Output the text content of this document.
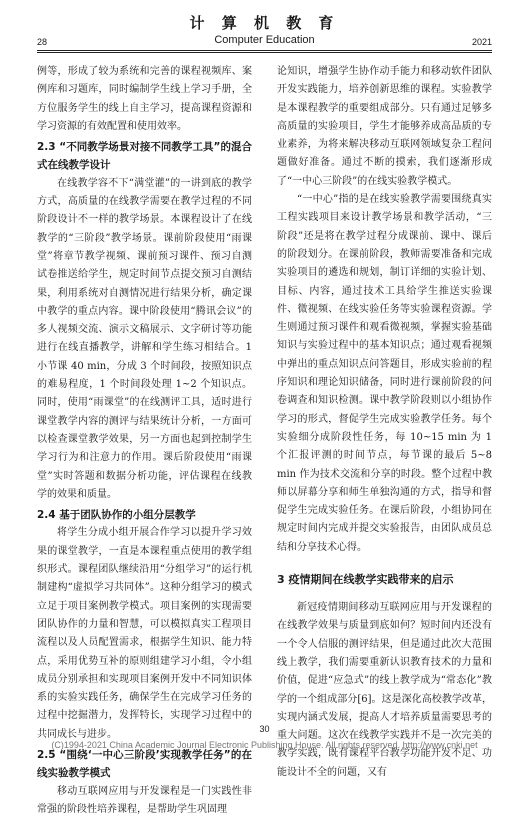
计 算 机 教 育
Computer Education
28	2021

例等，形成了较为系统和完善的课程视频库、案例库和习题库，同时编制学生线上学习手册，全方位服务学生的线上自主学习，提高课程资源和学习资源的有效配置和使用效率。

2.3 “不同教学场景对接不同教学工具”的混合式在线教学设计

在线教学容不下“满堂灌”的一讲到底的教学方式，高质量的在线教学需要在教学过程的不同阶段设计不一样的教学场景。本课程设计了在线教学的“三阶段”教学场景。课前阶段使用“雨课堂”将章节教学视频、课前预习课件、预习自测试卷推送给学生，规定时间节点提交预习自测结果，利用系统对自测情况进行结果分析，确定课中教学的重点内容。课中阶段使用“腾讯会议”的多人视频交流、演示文稿展示、文字研讨等功能进行在线直播教学，讲解和学生练习相结合。1 小节课 40 min，分成 3 个时间段，按照知识点的难易程度，1 个时间段处理 1~2 个知识点。同时，使用“雨课堂”的在线测评工具，适时进行课堂教学内容的测评与结果统计分析，一方面可以检查课堂教学效果，另一方面也起到控制学生学习行为和注意力的作用。课后阶段使用“雨课堂”实时答题和数据分析功能，评估课程在线教学的效果和质量。

2.4 基于团队协作的小组分层教学

将学生分成小组开展合作学习以提升学习效果的课堂教学，一直是本课程重点使用的教学组织形式。课程团队继续沿用“分组学习”的运行机制建构“虚拟学习共同体”。这种分组学习的模式立足于项目案例教学模式。项目案例的实现需要团队协作的力量和智慧，可以模拟真实工程项目流程以及人员配置需求，根据学生知识、能力特点，采用优势互补的原则组建学习小组，令小组成员分别承担和实现项目案例开发中不同知识体系的实验实践任务，确保学生在完成学习任务的过程中挖掘潜力，发挥特长，实现学习过程中的共同成长与进步。

2.5 “围绕‘一中心三阶段’实现教学任务”的在线实验教学模式

移动互联网应用与开发课程是一门实践性非常强的阶段性培养课程，是帮助学生巩固理

论知识，增强学生协作动手能力和移动软件团队开发实践能力，培养创新思维的课程。实验教学是本课程教学的重要组成部分。只有通过足够多高质量的实验项目，学生才能够养成高品质的专业素养，为将来解决移动互联网领域复杂工程问题做好准备。通过不断的摸索，我们逐渐形成了“一中心三阶段”的在线实验教学模式。

“一中心”指的是在线实验教学需要围绕真实工程实践项目来设计教学场景和教学活动，“三阶段”还是将在教学过程分成课前、课中、课后的阶段划分。在课前阶段，教师需要准备和完成实验项目的遴选和规划，制订详细的实验计划、目标、内容，通过技术工具给学生推送实验课件、微视频、在线实验任务等实验课程资源。学生则通过预习课件和观看微视频，掌握实验基础知识与实验过程中的基本知识点；通过观看视频中弹出的重点知识点问答题目，形成实验前的程序知识和理论知识储备，同时进行课前阶段的问卷调查和知识检测。课中教学阶段则以小组协作学习的形式，督促学生完成实验教学任务。每个实验细分成阶段性任务，每 10~15 min 为 1 个汇报评测的时间节点，每节课的最后 5~8 min 作为技术交流和分享的时段。整个过程中教师以屏幕分享和师生单独沟通的方式，指导和督促学生完成实验任务。在课后阶段，小组协同在规定时间内完成并提交实验报告，由团队成员总结和分享技术心得。

3 疫情期间在线教学实践带来的启示

新冠疫情期间移动互联网应用与开发课程的在线教学效果与质量到底如何？短时间内还没有一个令人信服的测评结果，但是通过此次大范围线上教学，我们需要重新认识教育技术的力量和价值，促进“应急式”的线上教学成为“常态化”教学的一个组成部分[6]。这是深化高校教学改革，实现内涵式发展，提高人才培养质量需要思考的重大问题。这次在线教学实践并不是一次完美的教学实践，既有课程平台教学功能开发不足、功能设计不全的问题，又有

30
(C)1994-2021 China Academic Journal Electronic Publishing House. All rights reserved. http://www.cnki.net
